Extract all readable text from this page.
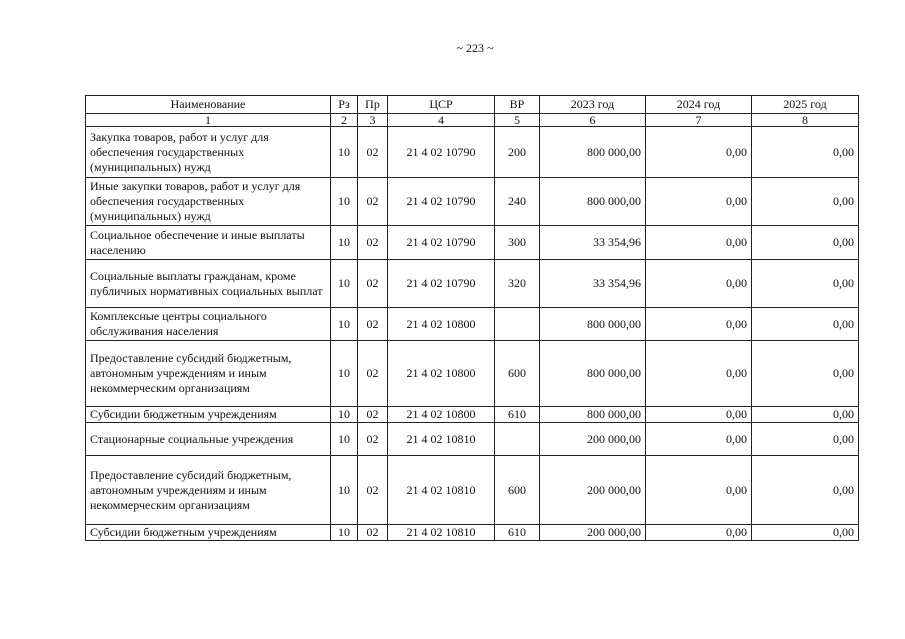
~ 223 ~
Наименование	Рз	Пр	ЦСР	ВР	2023 год	2024 год	2025 год
1	2	3	4	5	6	7	8
Закупка товаров, работ и услуг для обеспечения государственных (муниципальных) нужд	10	02	21 4 02 10790	200	800 000,00	0,00	0,00
Иные закупки товаров, работ и услуг для обеспечения государственных (муниципальных) нужд	10	02	21 4 02 10790	240	800 000,00	0,00	0,00
Социальное обеспечение и иные выплаты населению	10	02	21 4 02 10790	300	33 354,96	0,00	0,00
Социальные выплаты гражданам, кроме публичных нормативных социальных выплат	10	02	21 4 02 10790	320	33 354,96	0,00	0,00
Комплексные центры социального обслуживания населения	10	02	21 4 02 10800		800 000,00	0,00	0,00
Предоставление субсидий бюджетным, автономным учреждениям и иным некоммерческим организациям	10	02	21 4 02 10800	600	800 000,00	0,00	0,00
Субсидии бюджетным учреждениям	10	02	21 4 02 10800	610	800 000,00	0,00	0,00
Стационарные социальные учреждения	10	02	21 4 02 10810		200 000,00	0,00	0,00
Предоставление субсидий бюджетным, автономным учреждениям и иным некоммерческим организациям	10	02	21 4 02 10810	600	200 000,00	0,00	0,00
Субсидии бюджетным учреждениям	10	02	21 4 02 10810	610	200 000,00	0,00	0,00
